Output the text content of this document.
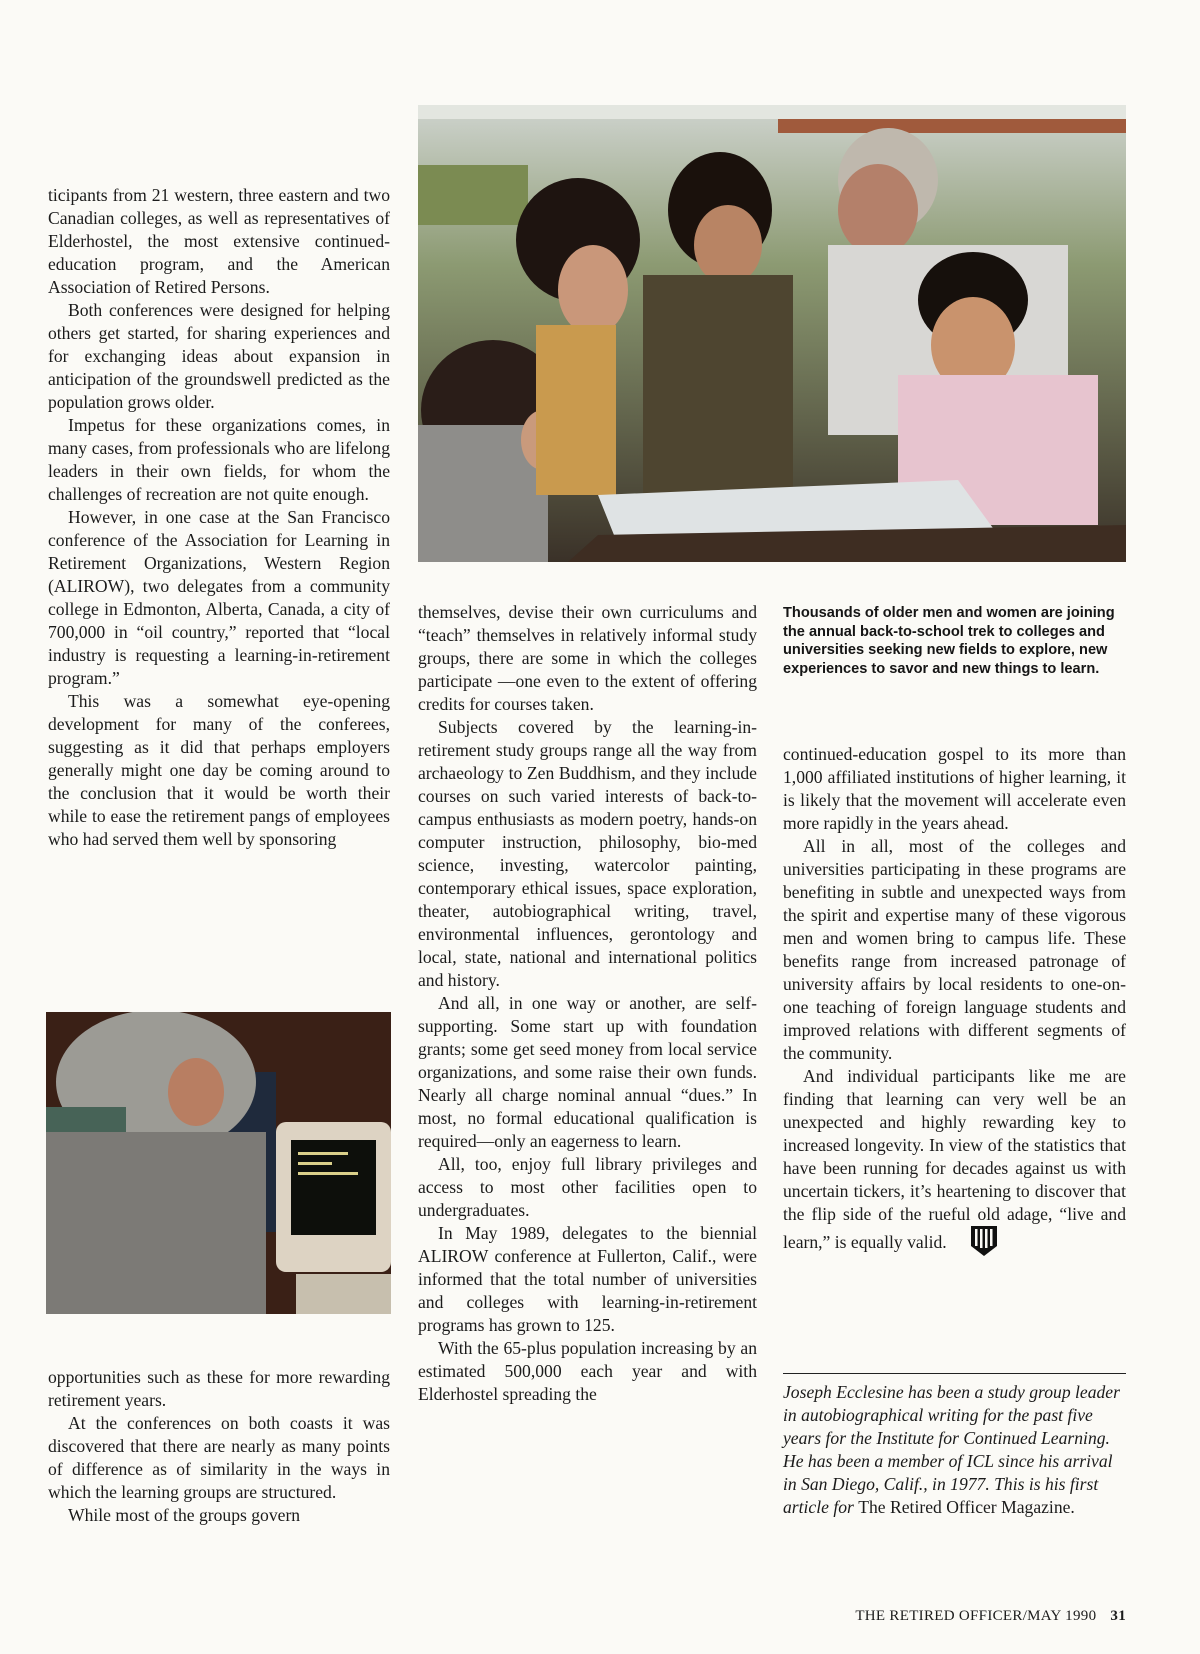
ticipants from 21 western, three eastern and two Canadian colleges, as well as representatives of Elderhostel, the most extensive continued-education program, and the American Association of Retired Persons.

Both conferences were designed for helping others get started, for sharing experiences and for exchanging ideas about expansion in anticipation of the groundswell predicted as the population grows older.

Impetus for these organizations comes, in many cases, from professionals who are lifelong leaders in their own fields, for whom the challenges of recreation are not quite enough.

However, in one case at the San Francisco conference of the Association for Learning in Retirement Organizations, Western Region (ALIROW), two delegates from a community college in Edmonton, Alberta, Canada, a city of 700,000 in “oil country,” reported that “local industry is requesting a learning-in-retirement program.”

This was a somewhat eye-opening development for many of the conferees, suggesting as it did that perhaps employers generally might one day be coming around to the conclusion that it would be worth their while to ease the retirement pangs of employees who had served them well by sponsoring

Thousands of older men and women are joining the annual back-to-school trek to colleges and universities seeking new fields to explore, new experiences to savor and new things to learn.

themselves, devise their own curriculums and “teach” themselves in relatively informal study groups, there are some in which the colleges participate —one even to the extent of offering credits for courses taken.

Subjects covered by the learning-in-retirement study groups range all the way from archaeology to Zen Buddhism, and they include courses on such varied interests of back-to-campus enthusiasts as modern poetry, hands-on computer instruction, philosophy, bio-med science, investing, watercolor painting, contemporary ethical issues, space exploration, theater, autobiographical writing, travel, environmental influences, gerontology and local, state, national and international politics and history.

And all, in one way or another, are self-supporting. Some start up with foundation grants; some get seed money from local service organizations, and some raise their own funds. Nearly all charge nominal annual “dues.” In most, no formal educational qualification is required—only an eagerness to learn.

All, too, enjoy full library privileges and access to most other facilities open to undergraduates.

In May 1989, delegates to the biennial ALIROW conference at Fullerton, Calif., were informed that the total number of universities and colleges with learning-in-retirement programs has grown to 125.

With the 65-plus population increasing by an estimated 500,000 each year and with Elderhostel spreading the

continued-education gospel to its more than 1,000 affiliated institutions of higher learning, it is likely that the movement will accelerate even more rapidly in the years ahead.

All in all, most of the colleges and universities participating in these programs are benefiting in subtle and unexpected ways from the spirit and expertise many of these vigorous men and women bring to campus life. These benefits range from increased patronage of university affairs by local residents to one-on-one teaching of foreign language students and improved relations with different segments of the community.

And individual participants like me are finding that learning can very well be an unexpected and highly rewarding key to increased longevity. In view of the statistics that have been running for decades against us with uncertain tickers, it’s heartening to discover that the flip side of the rueful old adage, “live and learn,” is equally valid.

opportunities such as these for more rewarding retirement years.

At the conferences on both coasts it was discovered that there are nearly as many points of difference as of similarity in the ways in which the learning groups are structured.

While most of the groups govern

Joseph Ecclesine has been a study group leader in autobiographical writing for the past five years for the Institute for Continued Learning. He has been a member of ICL since his arrival in San Diego, Calif., in 1977. This is his first article for The Retired Officer Magazine.
THE RETIRED OFFICER/MAY 1990 31
